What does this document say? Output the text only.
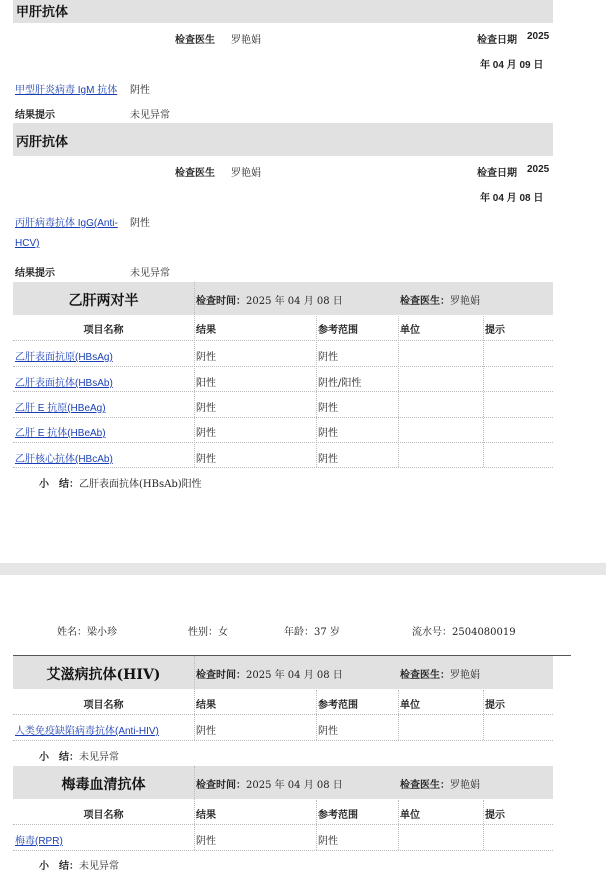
甲肝抗体
检查医生 罗艳娟	检查日期 2025
年 04 月 09 日
甲型肝炎病毒 IgM 抗体 阴性
结果提示	未见异常
丙肝抗体
检查医生 罗艳娟	检查日期 2025
年 04 月 08 日
丙肝病毒抗体 IgG(Anti-
HCV)
阴性
结果提示	未见异常
乙肝两对半	检查时间：2025 年 04 月 08 日	检查医生：罗艳娟
项目名称	结果	参考范围	单位	提示
乙肝表面抗原(HBsAg)	阴性	阴性
乙肝表面抗体(HBsAb)	阳性	阴性/阳性
乙肝 E 抗原(HBeAg)	阴性	阴性
乙肝 E 抗体(HBeAb)	阴性	阴性
乙肝核心抗体(HBcAb)	阴性	阴性
小　结：乙肝表面抗体(HBsAb)阳性
姓名：梁小珍	性别：女	年龄：37 岁	流水号：2504080019
艾滋病抗体(HIV)	检查时间：2025 年 04 月 08 日	检查医生：罗艳娟
项目名称	结果	参考范围	单位	提示
人类免疫缺陷病毒抗体(Anti-HIV)	阴性	阴性
小　结：未见异常
梅毒血清抗体	检查时间：2025 年 04 月 08 日	检查医生：罗艳娟
项目名称	结果	参考范围	单位	提示
梅毒(RPR)	阴性	阴性
小　结：未见异常
